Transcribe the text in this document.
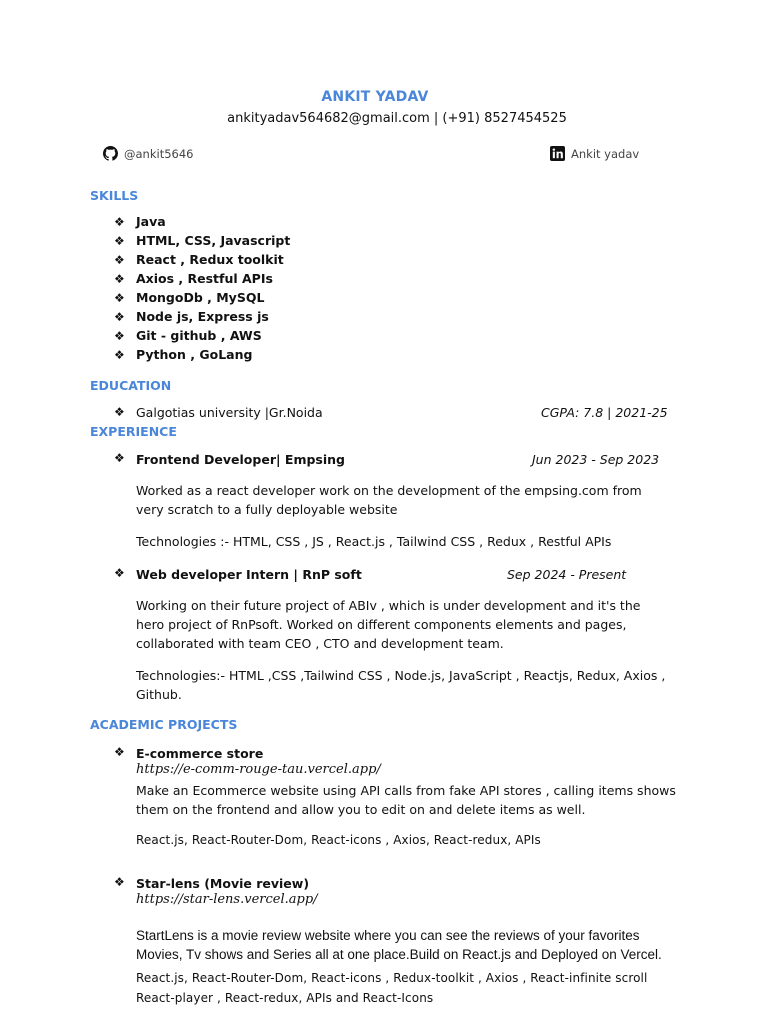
ANKIT YADAV
ankityadav564682@gmail.com | (+91) 8527454525
@ankit5646	Ankit yadav
SKILLS
❖ Java
❖ HTML, CSS, Javascript
❖ React , Redux toolkit
❖ Axios , Restful APIs
❖ MongoDb , MySQL
❖ Node js, Express js
❖ Git - github , AWS
❖ Python , GoLang
EDUCATION
❖ Galgotias university |Gr.Noida	CGPA: 7.8 | 2021-25
EXPERIENCE
❖ Frontend Developer| Empsing	Jun 2023 - Sep 2023
Worked as a react developer work on the development of the empsing.com from
very scratch to a fully deployable website
Technologies :- HTML, CSS , JS , React.js , Tailwind CSS , Redux , Restful APIs
❖ Web developer Intern | RnP soft	Sep 2024 - Present
Working on their future project of ABIv , which is under development and it's the
hero project of RnPsoft. Worked on different components elements and pages,
collaborated with team CEO , CTO and development team.
Technologies:- HTML ,CSS ,Tailwind CSS , Node.js, JavaScript , Reactjs, Redux, Axios ,
Github.
ACADEMIC PROJECTS
❖ E-commerce store
https://e-comm-rouge-tau.vercel.app/
Make an Ecommerce website using API calls from fake API stores , calling items shows
them on the frontend and allow you to edit on and delete items as well.
React.js, React-Router-Dom, React-icons , Axios, React-redux, APIs
❖ Star-lens (Movie review)
https://star-lens.vercel.app/
StartLens is a movie review website where you can see the reviews of your favorites
Movies, Tv shows and Series all at one place.Build on React.js and Deployed on Vercel.
React.js, React-Router-Dom, React-icons , Redux-toolkit , Axios , React-infinite scroll
React-player , React-redux, APIs and React-Icons
